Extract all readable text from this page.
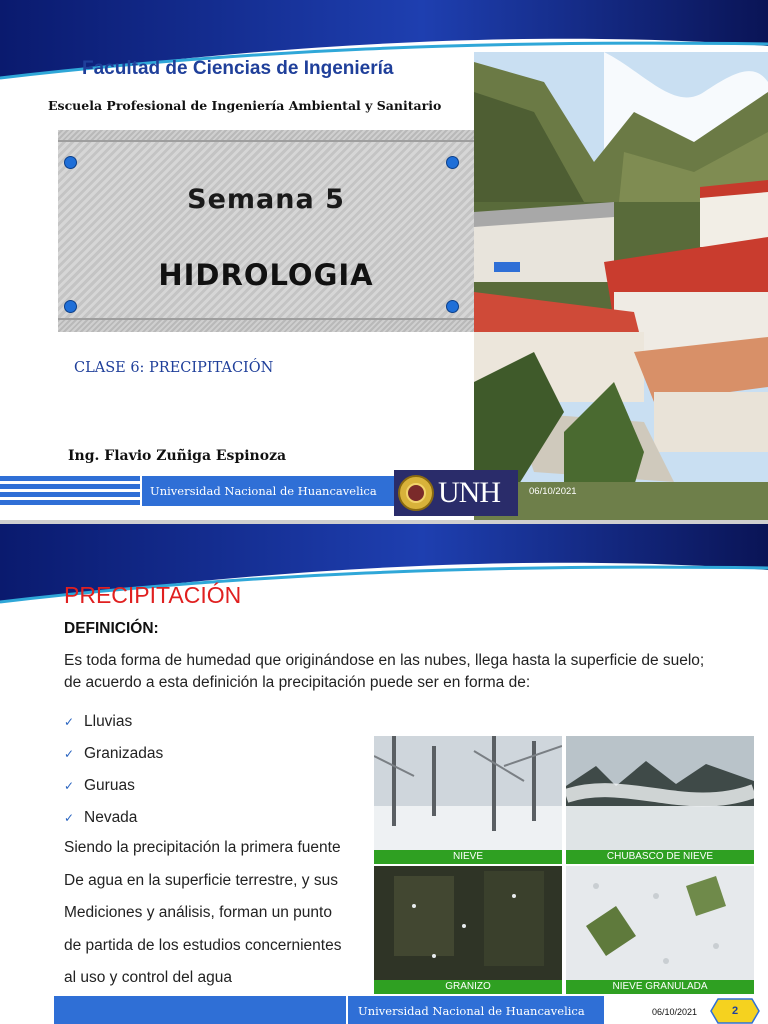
Facultad de Ciencias de Ingeniería
Escuela Profesional de Ingeniería Ambiental y Sanitario
Semana 5
HIDROLOGIA
CLASE 6: PRECIPITACIÓN
Ing. Flavio Zuñiga Espinoza
Universidad Nacional de Huancavelica	UNH	06/10/2021
PRECIPITACIÓN
DEFINICIÓN:
Es toda forma de humedad que originándose en las nubes, llega hasta la superficie de suelo; de acuerdo a esta definición la precipitación puede ser en forma de:
✓ Lluvias
✓ Granizadas
✓ Guruas
✓ Nevada
Siendo la precipitación la primera fuente
De agua en la superficie terrestre, y sus
Mediciones y análisis, forman un punto
de partida de los estudios concernientes
al uso y control del agua
NIEVE	CHUBASCO DE NIEVE
GRANIZO	NIEVE GRANULADA
Universidad Nacional de Huancavelica	06/10/2021	2
